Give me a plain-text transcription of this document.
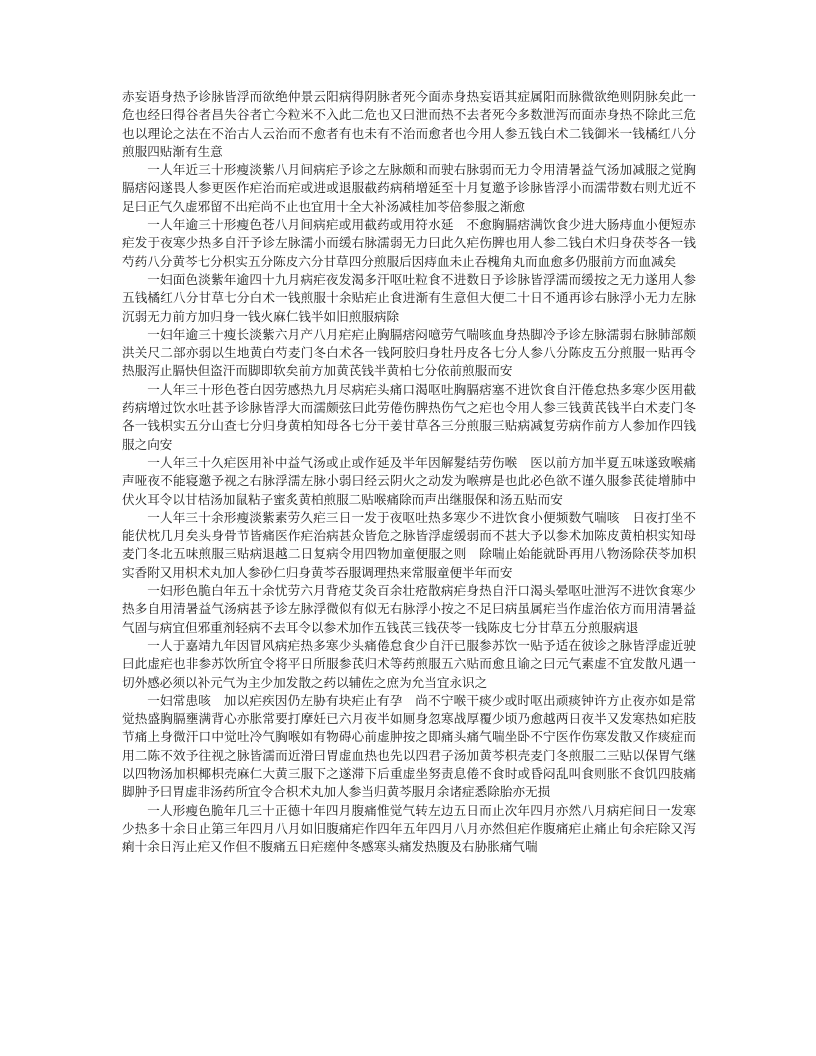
赤妄语身热予诊脉皆浮而欲绝仲景云阳病得阴脉者死今面赤身热妄语其症属阳而脉微欲绝则阴脉矣此一危也经曰得谷者昌失谷者亡今粒米不入此二危也又曰泄而热不去者死今多数泄泻而面赤身热不除此三危也以理论之法在不治古人云治而不愈者有也未有不治而愈者也今用人参五钱白术二钱御米一钱橘红八分煎服四贴渐有生意

一人年近三十形瘦淡紫八月间病疟予诊之左脉颇和而驶右脉弱而无力令用清暑益气汤加减服之觉胸膈痞闷遂畏人参更医作疟治而疟或进或退服截药病稍增延至十月复邀予诊脉皆浮小而濡带数右则尤近不足曰正气久虚邪留不出疟尚不止也宜用十全大补汤减桂加苓倍参服之渐愈

一人年逾三十形瘦色苍八月间病疟或用截药或用符水延　不愈胸膈痞满饮食少进大肠痔血小便短赤疟发于夜寒少热多自汗予诊左脉濡小而缓右脉濡弱无力曰此久疟伤脾也用人参二钱白术归身茯苓各一钱芍药八分黄芩七分枳实五分陈皮六分甘草四分煎服后因痔血未止吞槐角丸而血愈多仍服前方而血减矣

一妇面色淡紫年逾四十九月病疟夜发渴多汗呕吐粒食不进数日予诊脉皆浮濡而缓按之无力遂用人参五钱橘红八分甘草七分白术一钱煎服十余贴疟止食进渐有生意但大便二十日不通再诊右脉浮小无力左脉沉弱无力前方加归身一钱火麻仁钱半如旧煎服病除

一妇年逾三十瘦长淡紫六月产八月疟疟止胸膈痞闷噫劳气喘咳血身热脚冷予诊左脉濡弱右脉肺部颇洪关尺二部亦弱以生地黄白芍麦门冬白术各一钱阿胶归身牡丹皮各七分人参八分陈皮五分煎服一贴再令热服泻止膈快但盗汗而脚即软矣前方加黄芪钱半黄柏七分依前煎服而安

一人年三十形色苍白因劳感热九月尽病疟头痛口渴呕吐胸膈痞塞不进饮食自汗倦怠热多寒少医用截药病增过饮水吐甚予诊脉皆浮大而濡颇弦曰此劳倦伤脾热伤气之疟也令用人参三钱黄芪钱半白术麦门冬各一钱枳实五分山查七分归身黄柏知母各七分干姜甘草各三分煎服三贴病减复劳病作前方人参加作四钱服之向安

一人年三十久疟医用补中益气汤或止或作延及半年因解髮结劳伤喉　医以前方加半夏五味遂致喉痛声哑夜不能寝邀予视之右脉浮濡左脉小弱曰经云阴火之动发为喉痹是也此必色欲不谨久服参芪徒增肺中伏火耳令以甘桔汤加鼠粘子蜜炙黄柏煎服二贴喉痛除而声出继服保和汤五贴而安

一人年三十余形瘦淡紫素劳久疟三日一发于夜呕吐热多寒少不进饮食小便频数气喘咳　日夜打坐不能伏枕几月矣头身骨节皆痛医作疟治病甚众皆危之脉皆浮虚缓弱而不甚大予以参术加陈皮黄柏枳实知母麦门冬北五味煎服三贴病退越二日复病令用四物加童便服之则　除喘止始能就卧再用八物汤除茯苓加枳实香附又用枳术丸加人参砂仁归身黄芩吞服调理热来常服童便半年而安

一妇形色脆白年五十余忧劳六月背疮艾灸百余壮疮散病疟身热自汗口渴头晕呕吐泄泻不进饮食寒少热多自用清暑益气汤病甚予诊左脉浮微似有似无右脉浮小按之不足曰病虽属疟当作虚治依方而用清暑益气固与病宜但邪重剂轻病不去耳令以参术加作五钱芪三钱茯苓一钱陈皮七分甘草五分煎服病退

一人于嘉靖九年因冒风病疟热多寒少头痛倦怠食少自汗已服参苏饮一贴予适在彼诊之脉皆浮虚近驶曰此虚疟也非参苏饮所宜令将平日所服参芪归术等药煎服五六贴而愈且谕之曰元气素虚不宜发散凡遇一切外感必须以补元气为主少加发散之药以辅佐之庶为允当宜永识之

一妇常患咳　加以疟疾因仍左胁有块疟止有孕　尚不宁喉干痰少或时呕出顽痰钟许方止夜亦如是常觉热盛胸膈壅满背心亦胀常要打摩妊已六月夜半如厕身忽寒战厚覆少顷乃愈越两日夜半又发寒热如疟肢节痛上身微汗口中觉吐冷气胸喉如有物碍心前虚肿按之即痛头痛气喘坐卧不宁医作伤寒发散又作痰症而用二陈不效予往视之脉皆濡而近滑曰胃虚血热也先以四君子汤加黄芩枳壳麦门冬煎服二三贴以保胃气继以四物汤加枳椰枳壳麻仁大黄三服下之遂滞下后重虚坐努责息倦不食时或昏闷乱叫食则胀不食饥四肢痛脚肿予曰胃虚非汤药所宜令合枳术丸加人参当归黄芩服月余诸症悉除胎亦无损

一人形瘦色脆年几三十正德十年四月腹痛惟觉气转左边五日而止次年四月亦然八月病疟间日一发寒少热多十余日止第三年四月八月如旧腹痛疟作四年五年四月八月亦然但疟作腹痛疟止痛止旬余疟除又泻痢十余日泻止疟又作但不腹痛五日疟瘥仲冬感寒头痛发热腹及右胁胀痛气喘
